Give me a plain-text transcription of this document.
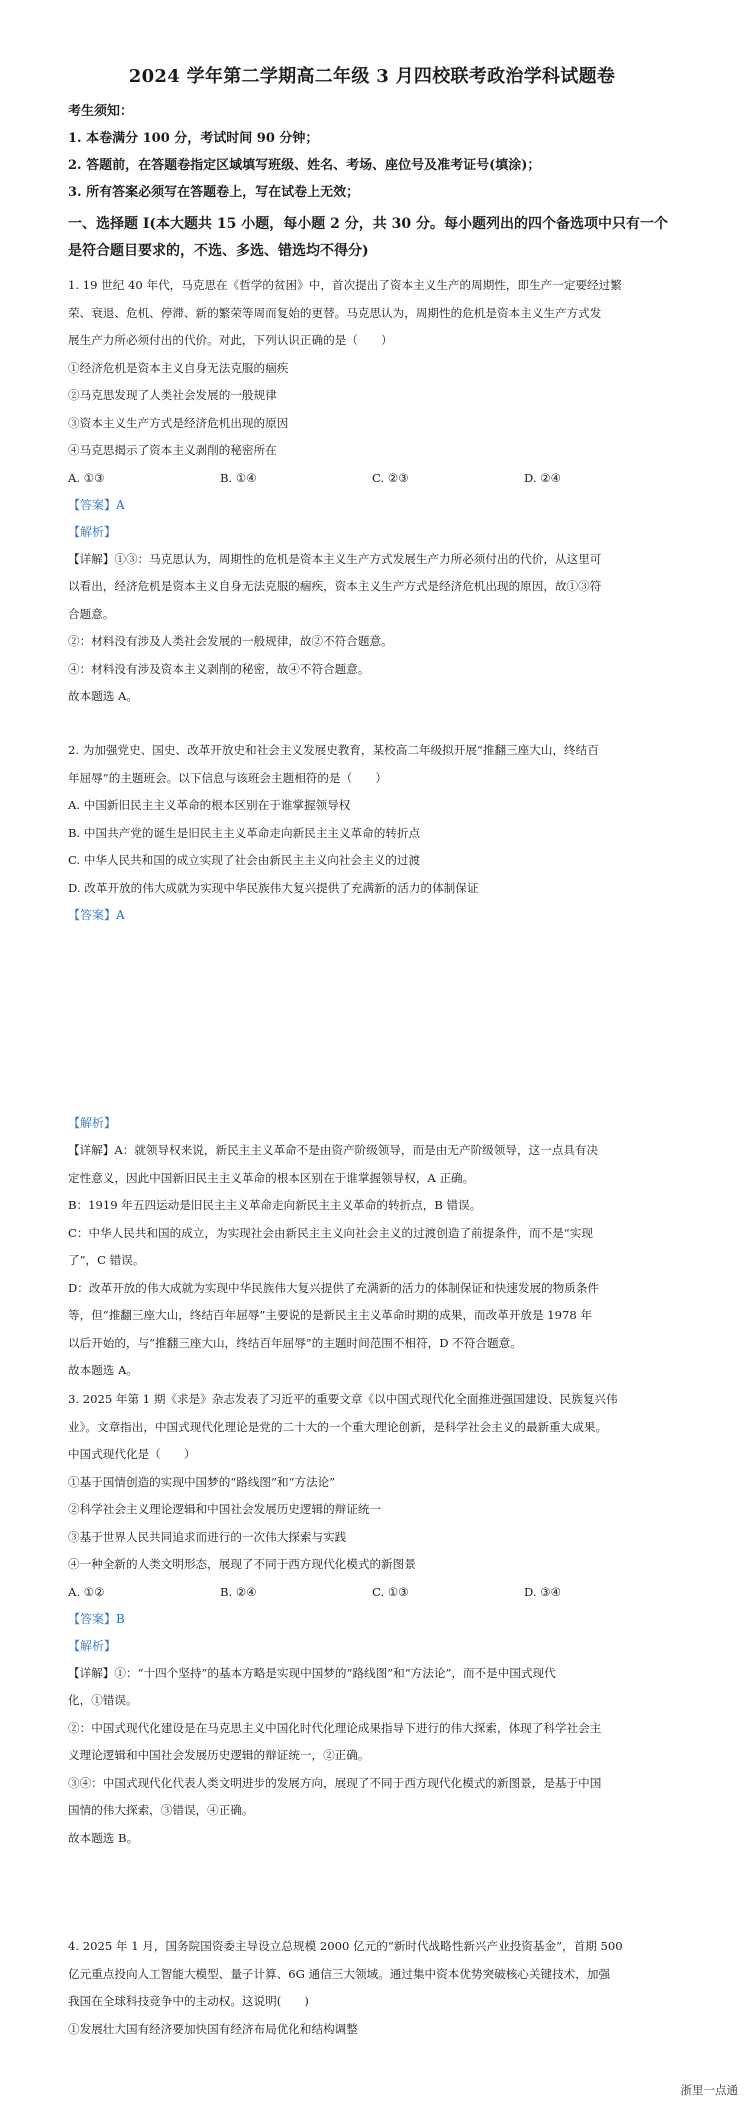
2024 学年第二学期高二年级 3 月四校联考政治学科试题卷
考生须知：
1. 本卷满分 100 分，考试时间 90 分钟；
2. 答题前，在答题卷指定区域填写班级、姓名、考场、座位号及准考证号(填涂)；
3. 所有答案必须写在答题卷上，写在试卷上无效；
一、选择题 I(本大题共 15 小题，每小题 2 分，共 30 分。每小题列出的四个备选项中只有一个
是符合题目要求的，不选、多选、错选均不得分)
1. 19 世纪 40 年代，马克思在《哲学的贫困》中，首次提出了资本主义生产的周期性，即生产一定要经过繁
荣、衰退、危机、停滞、新的繁荣等周而复始的更替。马克思认为，周期性的危机是资本主义生产方式发
展生产力所必须付出的代价。对此，下列认识正确的是（　　）
①经济危机是资本主义自身无法克服的痼疾
②马克思发现了人类社会发展的一般规律
③资本主义生产方式是经济危机出现的原因
④马克思揭示了资本主义剥削的秘密所在
A. ①③	B. ①④	C. ②③	D. ②④
【答案】A
【解析】
【详解】①③：马克思认为，周期性的危机是资本主义生产方式发展生产力所必须付出的代价，从这里可
以看出，经济危机是资本主义自身无法克服的痼疾，资本主义生产方式是经济危机出现的原因，故①③符
合题意。
②：材料没有涉及人类社会发展的一般规律，故②不符合题意。
④：材料没有涉及资本主义剥削的秘密，故④不符合题意。
故本题选 A。
2. 为加强党史、国史、改革开放史和社会主义发展史教育，某校高二年级拟开展“推翻三座大山，终结百
年屈辱”的主题班会。以下信息与该班会主题相符的是（　　）
A. 中国新旧民主主义革命的根本区别在于谁掌握领导权
B. 中国共产党的诞生是旧民主主义革命走向新民主主义革命的转折点
C. 中华人民共和国的成立实现了社会由新民主主义向社会主义的过渡
D. 改革开放的伟大成就为实现中华民族伟大复兴提供了充满新的活力的体制保证
【答案】A
【解析】
【详解】A：就领导权来说，新民主主义革命不是由资产阶级领导，而是由无产阶级领导，这一点具有决
定性意义，因此中国新旧民主主义革命的根本区别在于谁掌握领导权，A 正确。
B：1919 年五四运动是旧民主主义革命走向新民主主义革命的转折点，B 错误。
C：中华人民共和国的成立，为实现社会由新民主主义向社会主义的过渡创造了前提条件，而不是“实现
了”，C 错误。
D：改革开放的伟大成就为实现中华民族伟大复兴提供了充满新的活力的体制保证和快速发展的物质条件
等，但“推翻三座大山，终结百年屈辱”主要说的是新民主主义革命时期的成果，而改革开放是 1978 年
以后开始的，与“推翻三座大山，终结百年屈辱”的主题时间范围不相符，D 不符合题意。
故本题选 A。
3. 2025 年第 1 期《求是》杂志发表了习近平的重要文章《以中国式现代化全面推进强国建设、民族复兴伟
业》。文章指出，中国式现代化理论是党的二十大的一个重大理论创新，是科学社会主义的最新重大成果。
中国式现代化是（　　）
①基于国情创造的实现中国梦的“路线图”和“方法论”
②科学社会主义理论逻辑和中国社会发展历史逻辑的辩证统一
③基于世界人民共同追求而进行的一次伟大探索与实践
④一种全新的人类文明形态，展现了不同于西方现代化模式的新图景
A. ①②	B. ②④	C. ①③	D. ③④
【答案】B
【解析】
【详解】①：“十四个坚持”的基本方略是实现中国梦的“路线图”和“方法论”，而不是中国式现代
化，①错误。
②：中国式现代化建设是在马克思主义中国化时代化理论成果指导下进行的伟大探索，体现了科学社会主
义理论逻辑和中国社会发展历史逻辑的辩证统一，②正确。
③④：中国式现代化代表人类文明进步的发展方向，展现了不同于西方现代化模式的新图景，是基于中国
国情的伟大探索，③错误，④正确。
故本题选 B。
4. 2025 年 1 月，国务院国资委主导设立总规模 2000 亿元的“新时代战略性新兴产业投资基金”，首期 500
亿元重点投向人工智能大模型、量子计算、6G 通信三大领域。通过集中资本优势突破核心关键技术，加强
我国在全球科技竞争中的主动权。这说明(　　)
①发展壮大国有经济要加快国有经济布局优化和结构调整
浙里一点通
